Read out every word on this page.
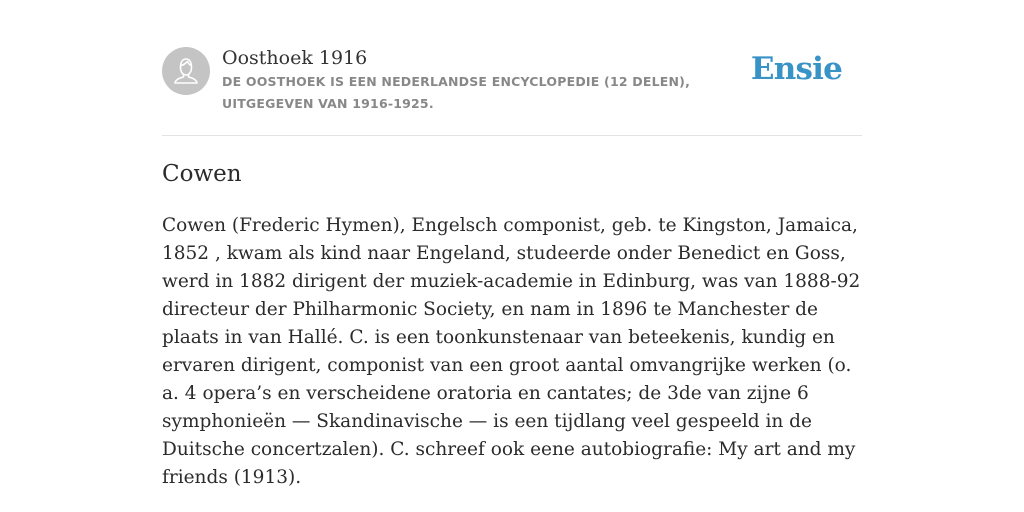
Oosthoek 1916
DE OOSTHOEK IS EEN NEDERLANDSE ENCYCLOPEDIE (12 DELEN), UITGEGEVEN VAN 1916-1925.
Ensie
Cowen

Cowen (Frederic Hymen), Engelsch componist, geb. te Kingston, Jamaica, 1852 , kwam als kind naar Engeland, studeerde onder Benedict en Goss, werd in 1882 dirigent der muziek-academie in Edinburg, was van 1888-92 directeur der Philharmonic Society, en nam in 1896 te Manchester de plaats in van Hallé. C. is een toonkunstenaar van beteekenis, kundig en ervaren dirigent, componist van een groot aantal omvangrijke werken (o. a. 4 opera’s en verscheidene oratoria en cantates; de 3de van zijne 6 symphonieën — Skandinavische — is een tijdlang veel gespeeld in de Duitsche concertzalen). C. schreef ook eene autobiografie: My art and my friends (1913).
